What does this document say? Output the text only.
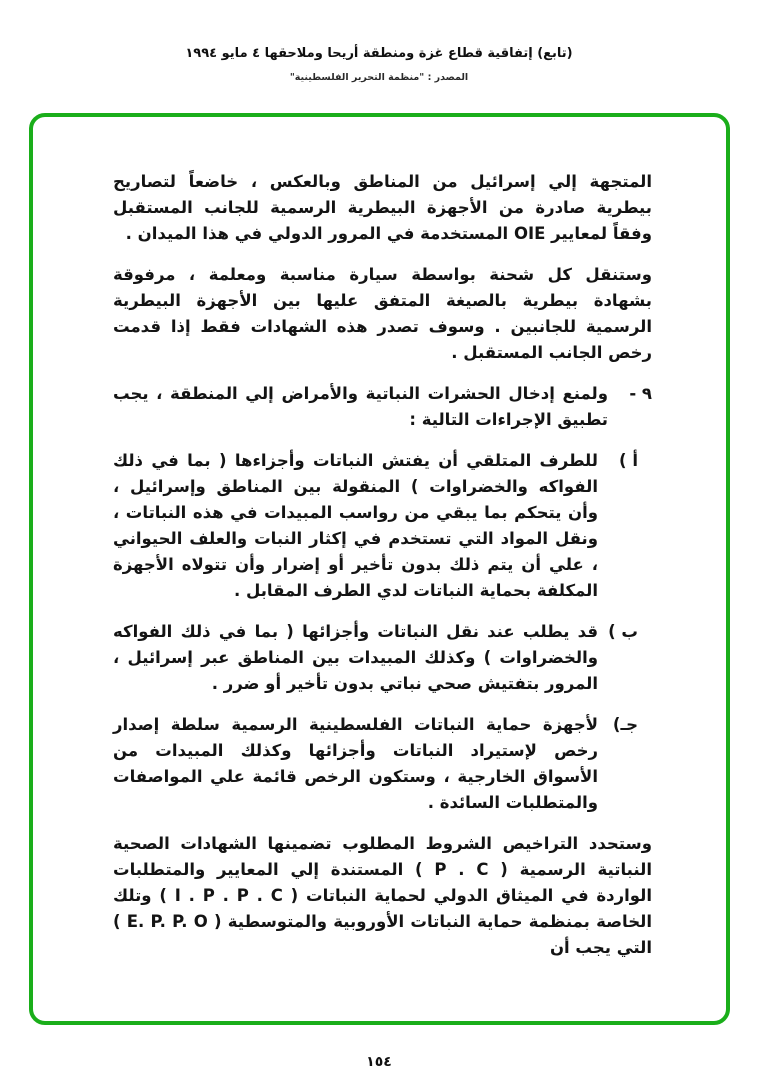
(تابع) إتفاقية قطاع غزة ومنطقة أريحا وملاحقها ٤ مايو ١٩٩٤
المصدر : "منظمة التحرير الفلسطينية"

المتجهة إلي إسرائيل من المناطق وبالعكس ، خاضعاً لتصاريح بيطرية صادرة من الأجهزة البيطرية الرسمية للجانب المستقبل وفقاً لمعايير OIE المستخدمة في المرور الدولي في هذا الميدان .

وستنقل كل شحنة بواسطة سيارة مناسبة ومعلمة ، مرفوقة بشهادة بيطرية بالصيغة المتفق عليها بين الأجهزة البيطرية الرسمية للجانبين . وسوف تصدر هذه الشهادات فقط إذا قدمت رخص الجانب المستقبل .

٩ -
ولمنع إدخال الحشرات النباتية والأمراض إلي المنطقة ، يجب تطبيق الإجراءات التالية :
أ )
للطرف المتلقي أن يفتش النباتات وأجزاءها ( بما في ذلك الفواكه والخضراوات ) المنقولة بين المناطق وإسرائيل ، وأن يتحكم بما يبقي من رواسب المبيدات في هذه النباتات ، ونقل المواد التي تستخدم في إكثار النبات والعلف الحيواني ، علي أن يتم ذلك بدون تأخير أو إضرار وأن تتولاه الأجهزة المكلفة بحماية النباتات لدي الطرف المقابل .
ب )
قد يطلب عند نقل النباتات وأجزائها ( بما في ذلك الفواكه والخضراوات ) وكذلك المبيدات بين المناطق عبر إسرائيل ، المرور بتفتيش صحي نباتي بدون تأخير أو ضرر .
جـ)
لأجهزة حماية النباتات الفلسطينية الرسمية سلطة إصدار رخص لإستيراد النباتات وأجزائها وكذلك المبيدات من الأسواق الخارجية ، وستكون الرخص قائمة علي المواصفات والمتطلبات السائدة .

وستحدد التراخيص الشروط المطلوب تضمينها الشهادات الصحية النباتية الرسمية ( P . C ) المستندة إلي المعايير والمتطلبات الواردة في الميثاق الدولي لحماية النباتات ( I . P . P . C ) وتلك الخاصة بمنظمة حماية النباتات الأوروبية والمتوسطية ( E. P. P. O ) التي يجب أن

١٥٤
